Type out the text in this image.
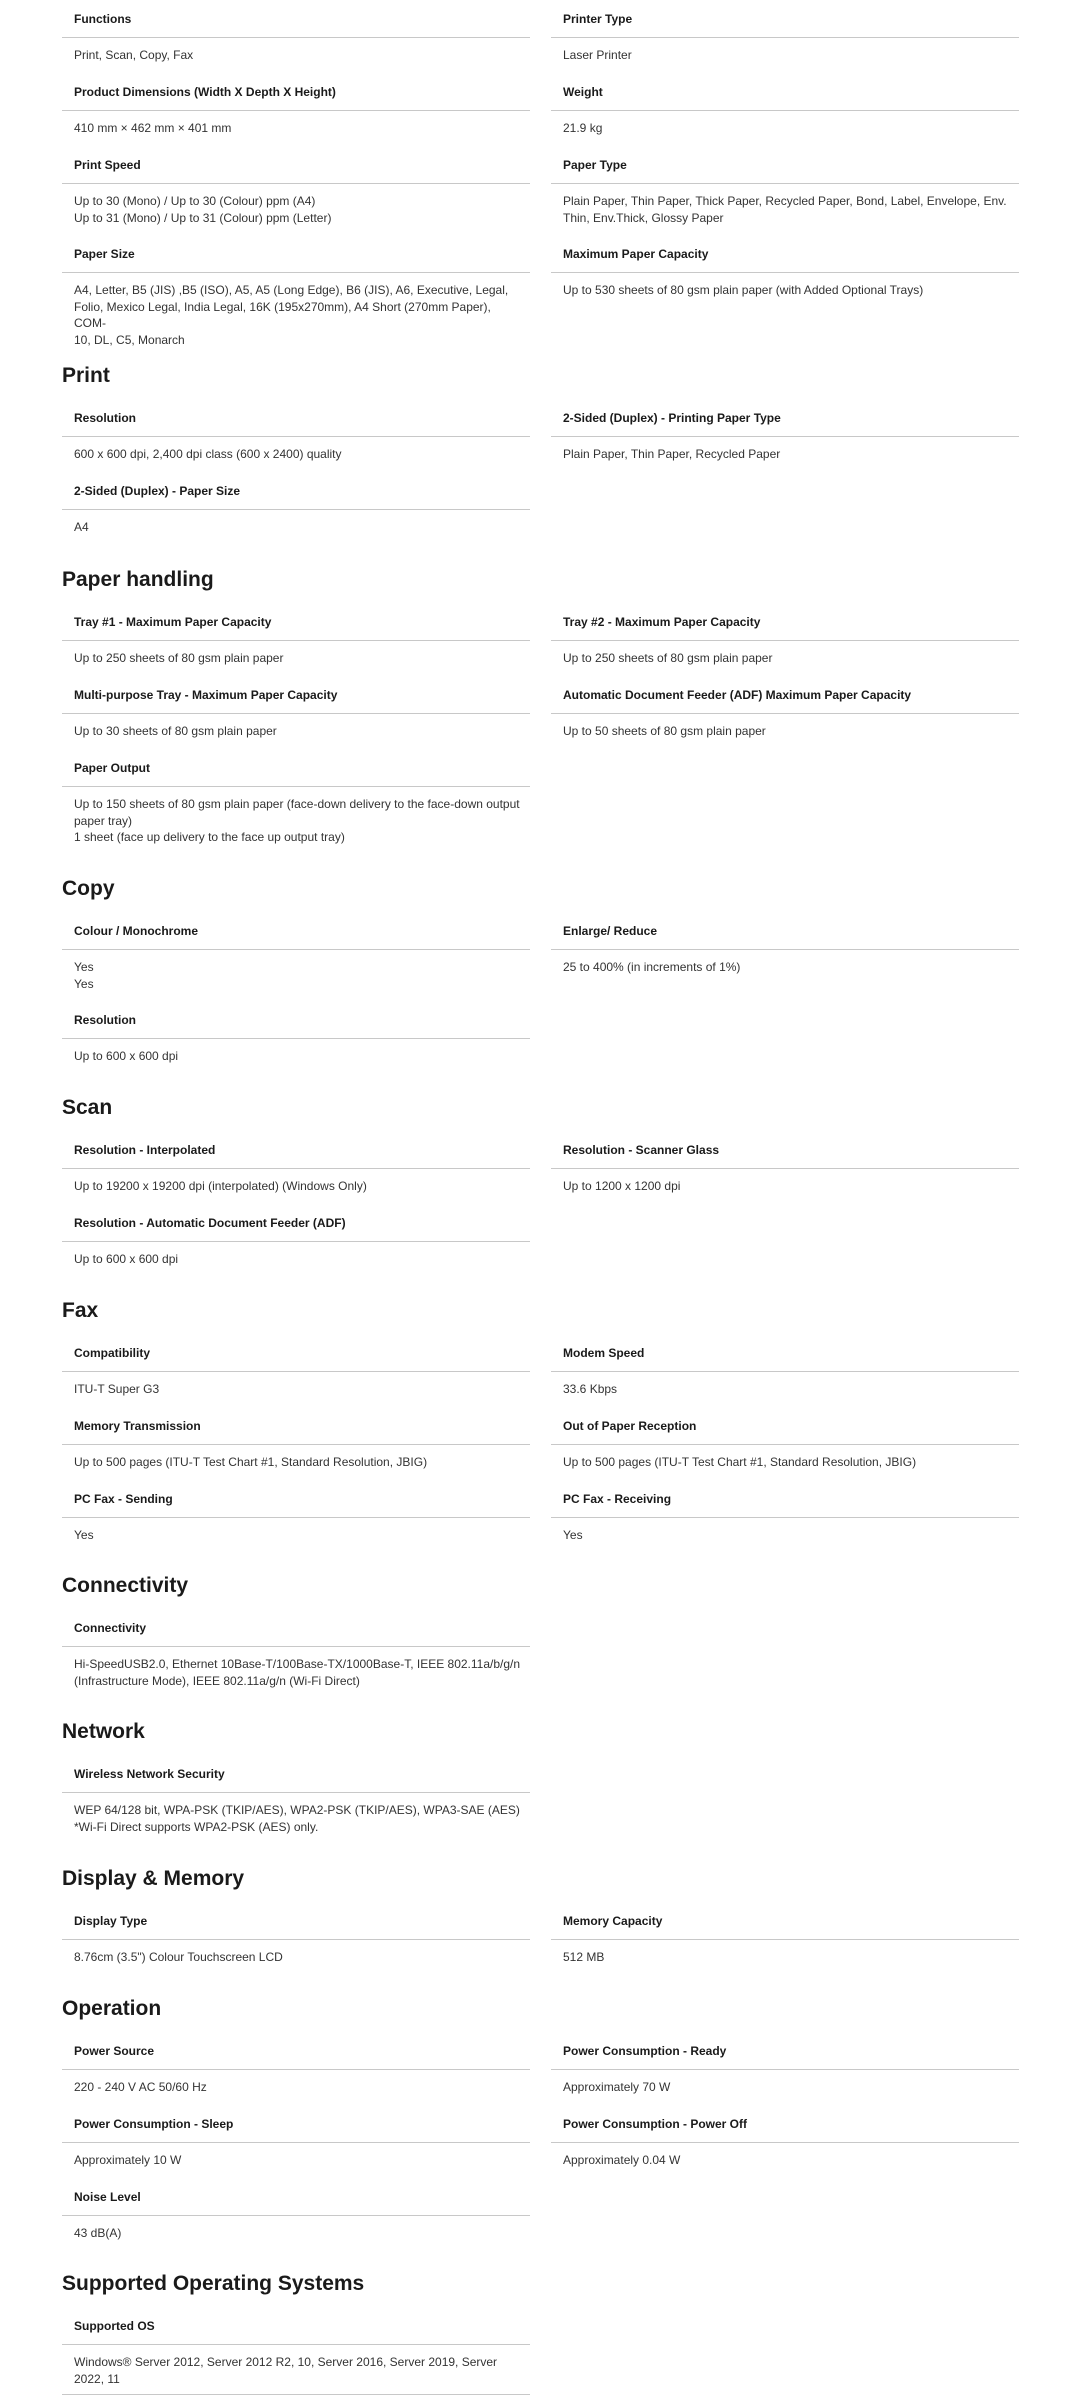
Functions
Print, Scan, Copy, Fax
Printer Type
Laser Printer
Product Dimensions (Width X Depth X Height)
410 mm × 462 mm × 401 mm
Weight
21.9 kg
Print Speed
Up to 30 (Mono) / Up to 30 (Colour) ppm (A4)
Up to 31 (Mono) / Up to 31 (Colour) ppm (Letter)
Paper Type
Plain Paper, Thin Paper, Thick Paper, Recycled Paper, Bond, Label, Envelope, Env.
Thin, Env.Thick, Glossy Paper
Paper Size
A4, Letter, B5 (JIS) ,B5 (ISO), A5, A5 (Long Edge), B6 (JIS), A6, Executive, Legal,
Folio, Mexico Legal, India Legal, 16K (195x270mm), A4 Short (270mm Paper), COM-
10, DL, C5, Monarch
Maximum Paper Capacity
Up to 530 sheets of 80 gsm plain paper (with Added Optional Trays)
Print
Resolution
600 x 600 dpi, 2,400 dpi class (600 x 2400) quality
2-Sided (Duplex) - Printing Paper Type
Plain Paper, Thin Paper, Recycled Paper
2-Sided (Duplex) - Paper Size
A4
Paper handling
Tray #1 - Maximum Paper Capacity
Up to 250 sheets of 80 gsm plain paper
Tray #2 - Maximum Paper Capacity
Up to 250 sheets of 80 gsm plain paper
Multi-purpose Tray - Maximum Paper Capacity
Up to 30 sheets of 80 gsm plain paper
Automatic Document Feeder (ADF) Maximum Paper Capacity
Up to 50 sheets of 80 gsm plain paper
Paper Output
Up to 150 sheets of 80 gsm plain paper (face-down delivery to the face-down output
paper tray)
1 sheet (face up delivery to the face up output tray)
Copy
Colour / Monochrome
Yes
Yes
Enlarge/ Reduce
25 to 400% (in increments of 1%)
Resolution
Up to 600 x 600 dpi
Scan
Resolution - Interpolated
Up to 19200 x 19200 dpi (interpolated) (Windows Only)
Resolution - Scanner Glass
Up to 1200 x 1200 dpi
Resolution - Automatic Document Feeder (ADF)
Up to 600 x 600 dpi
Fax
Compatibility
ITU-T Super G3
Modem Speed
33.6 Kbps
Memory Transmission
Up to 500 pages (ITU-T Test Chart #1, Standard Resolution, JBIG)
Out of Paper Reception
Up to 500 pages (ITU-T Test Chart #1, Standard Resolution, JBIG)
PC Fax - Sending
Yes
PC Fax - Receiving
Yes
Connectivity
Connectivity
Hi-SpeedUSB2.0, Ethernet 10Base-T/100Base-TX/1000Base-T, IEEE 802.11a/b/g/n
(Infrastructure Mode), IEEE 802.11a/g/n (Wi-Fi Direct)
Network
Wireless Network Security
WEP 64/128 bit, WPA-PSK (TKIP/AES), WPA2-PSK (TKIP/AES), WPA3-SAE (AES)
*Wi-Fi Direct supports WPA2-PSK (AES) only.
Display & Memory
Display Type
8.76cm (3.5") Colour Touchscreen LCD
Memory Capacity
512 MB
Operation
Power Source
220 - 240 V AC 50/60 Hz
Power Consumption - Ready
Approximately 70 W
Power Consumption - Sleep
Approximately 10 W
Power Consumption - Power Off
Approximately 0.04 W
Noise Level
43 dB(A)
Supported Operating Systems
Supported OS
Windows® Server 2012, Server 2012 R2, 10, Server 2016, Server 2019, Server
2022, 11
